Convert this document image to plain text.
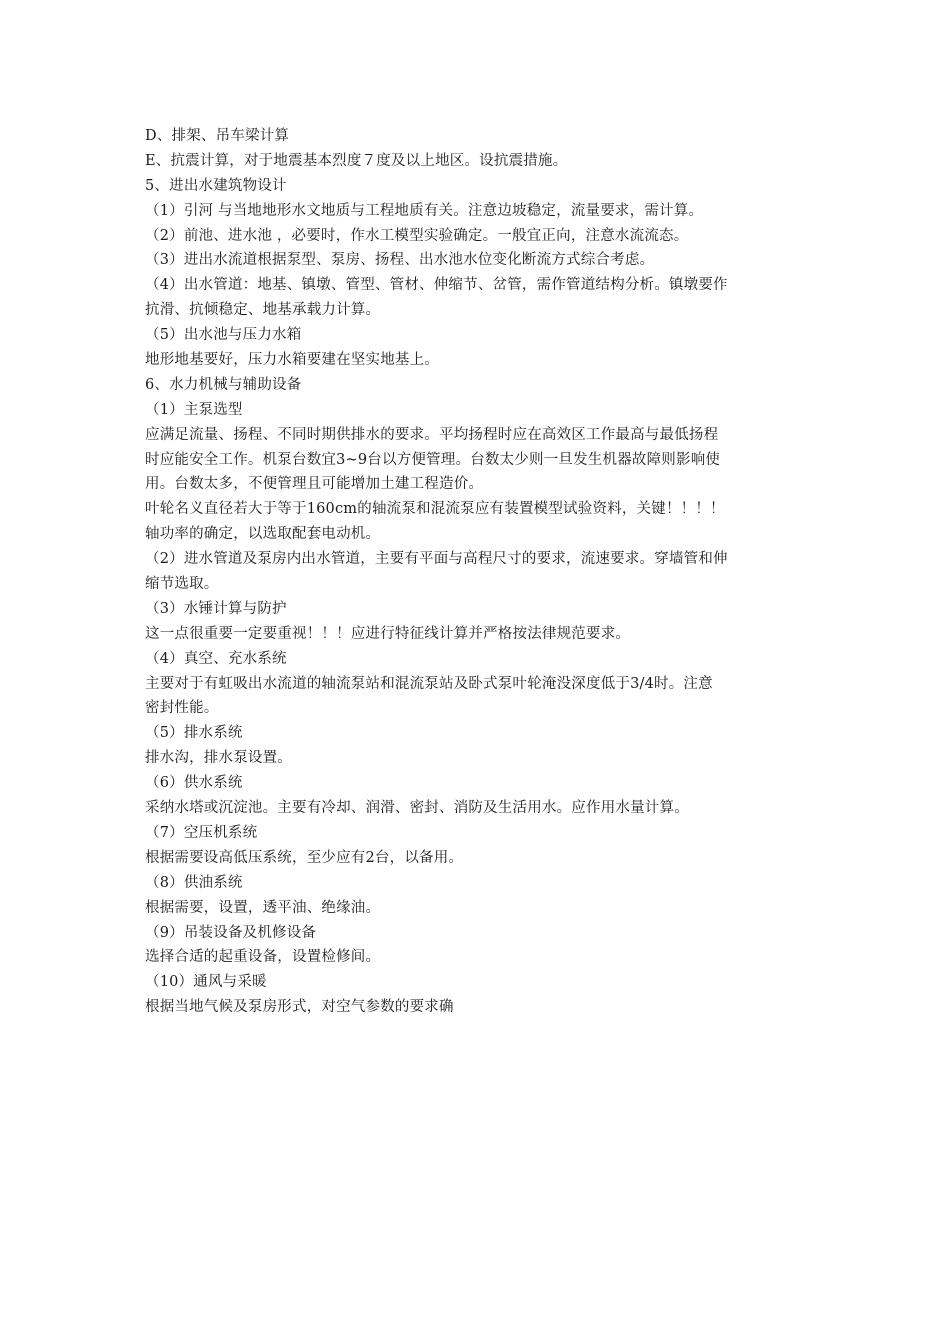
D、排架、吊车梁计算
E、抗震计算，对于地震基本烈度７度及以上地区。设抗震措施。
5、进出水建筑物设计
（1）引河 与当地地形水文地质与工程地质有关。注意边坡稳定，流量要求，需计算。
（2）前池、进水池 ，必要时，作水工模型实验确定。一般宜正向，注意水流流态。
（3）进出水流道根据泵型、泵房、扬程、出水池水位变化断流方式综合考虑。
（4）出水管道：地基、镇墩、管型、管材、伸缩节、岔管，需作管道结构分析。镇墩要作
抗滑、抗倾稳定、地基承载力计算。
（5）出水池与压力水箱
地形地基要好，压力水箱要建在坚实地基上。
6、水力机械与辅助设备
（1）主泵选型
应满足流量、扬程、不同时期供排水的要求。平均扬程时应在高效区工作最高与最低扬程
时应能安全工作。机泵台数宜3~9台以方便管理。台数太少则一旦发生机器故障则影响使
用。台数太多，不便管理且可能增加土建工程造价。
叶轮名义直径若大于等于160cm的轴流泵和混流泵应有装置模型试验资料，关键！！！！
轴功率的确定，以选取配套电动机。
（2）进水管道及泵房内出水管道，主要有平面与高程尺寸的要求，流速要求。穿墙管和伸
缩节选取。
（3）水锤计算与防护
这一点很重要一定要重视！！！应进行特征线计算并严格按法律规范要求。
（4）真空、充水系统
主要对于有虹吸出水流道的轴流泵站和混流泵站及卧式泵叶轮淹没深度低于3/4时。注意
密封性能。
（5）排水系统
排水沟，排水泵设置。
（6）供水系统
采纳水塔或沉淀池。主要有冷却、润滑、密封、消防及生活用水。应作用水量计算。
（7）空压机系统
根据需要设高低压系统，至少应有2台，以备用。
（8）供油系统
根据需要，设置，透平油、绝缘油。
（9）吊装设备及机修设备
选择合适的起重设备，设置检修间。
（10）通风与采暖
根据当地气候及泵房形式，对空气参数的要求确
